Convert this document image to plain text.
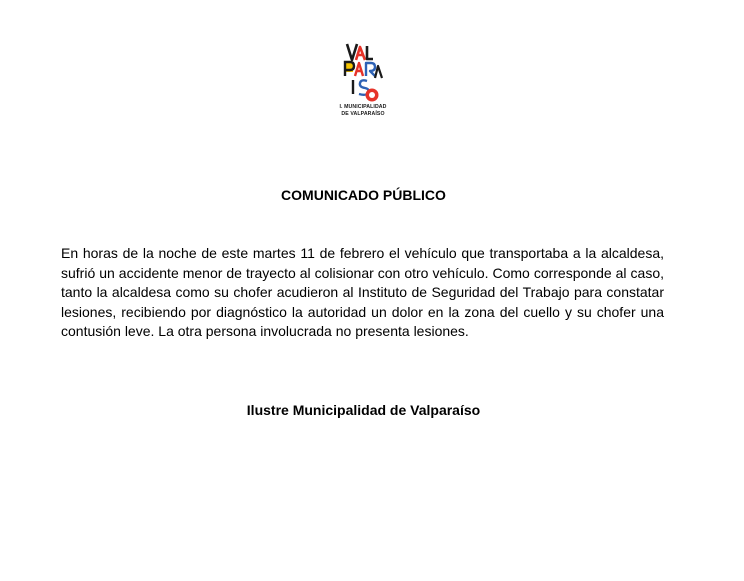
I. MUNICIPALIDAD
DE VALPARAÍSO
COMUNICADO PÚBLICO
En horas de la noche de este martes 11 de febrero el vehículo que transportaba a la alcaldesa, sufrió un accidente menor de trayecto al colisionar con otro vehículo. Como corresponde al caso, tanto la alcaldesa como su chofer acudieron al Instituto de Seguridad del Trabajo para constatar lesiones, recibiendo por diagnóstico la autoridad un dolor en la zona del cuello y su chofer una contusión leve. La otra persona involucrada no presenta lesiones.
Ilustre Municipalidad de Valparaíso
